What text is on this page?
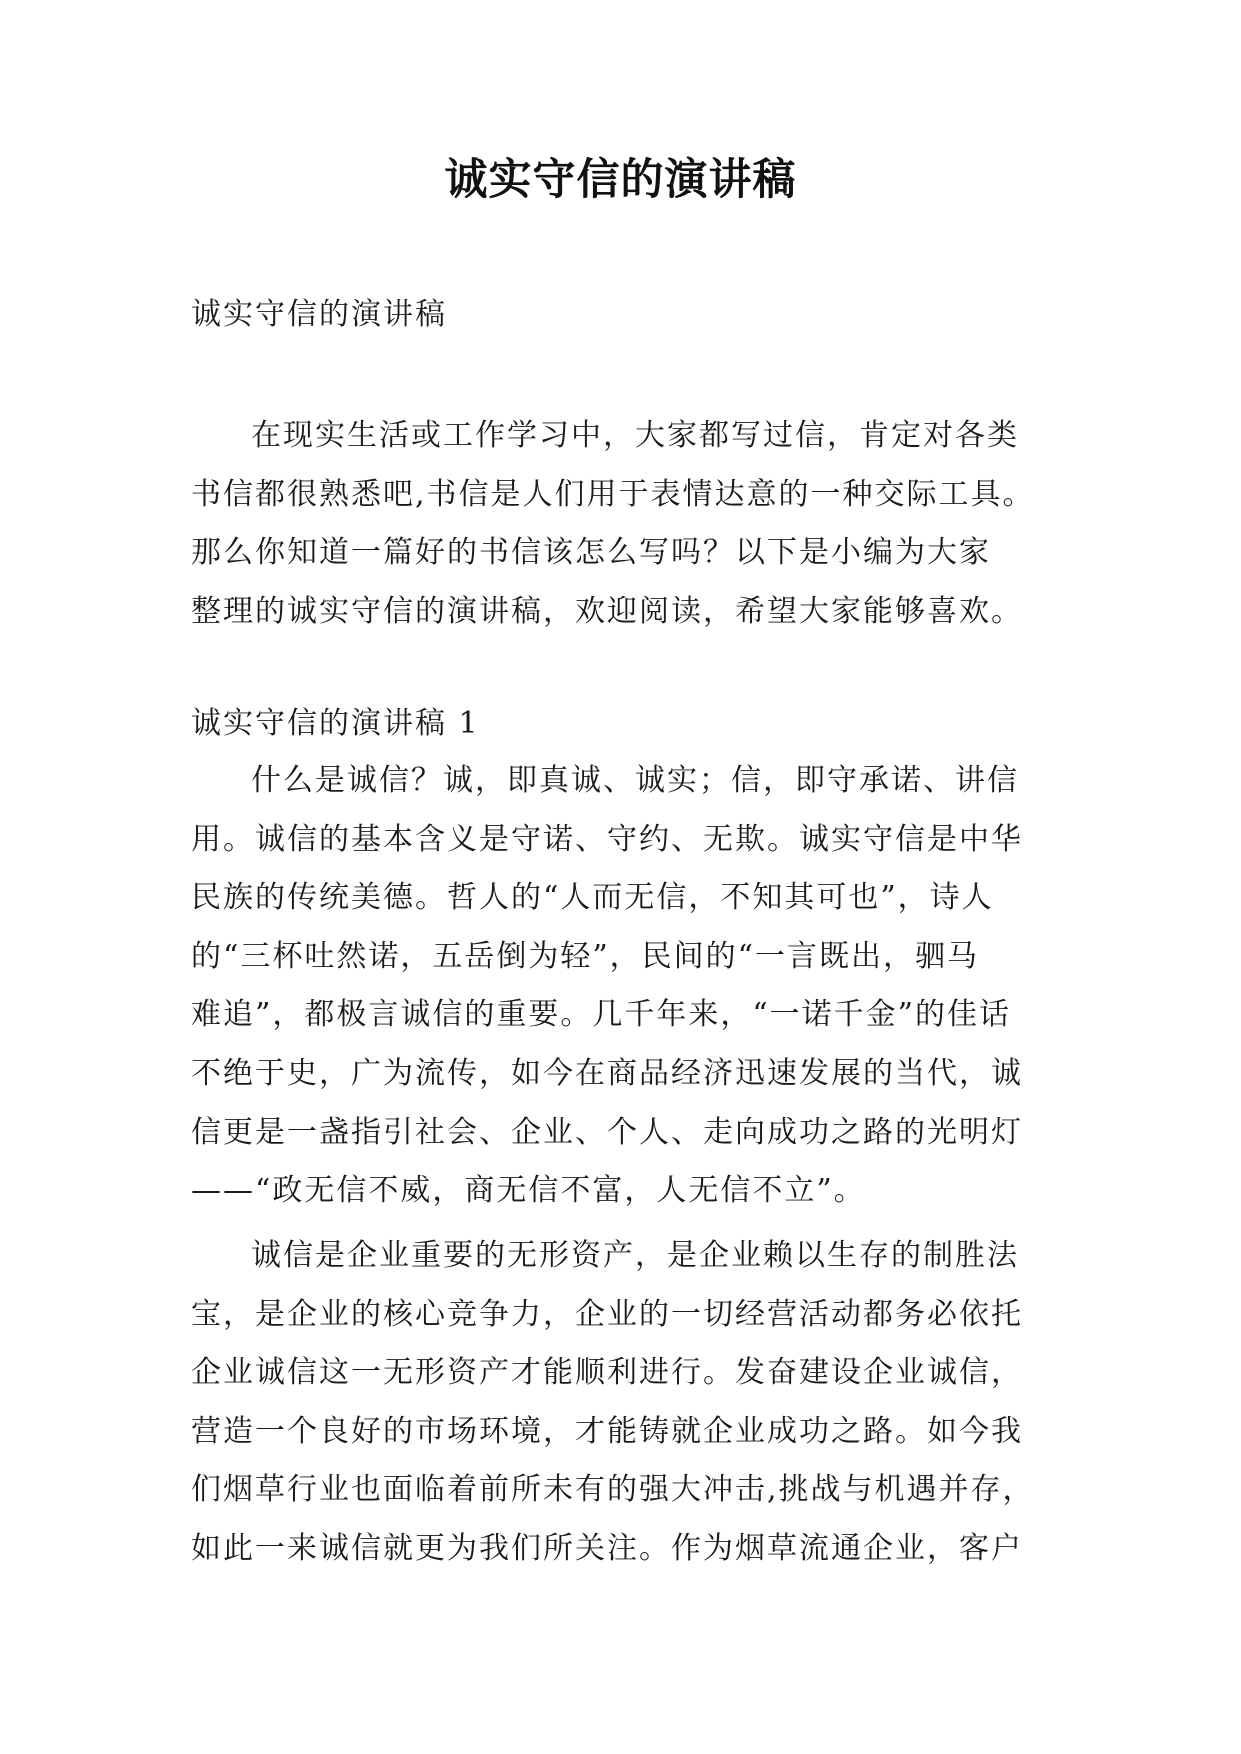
诚实守信的演讲稿
诚实守信的演讲稿

在现实生活或工作学习中，大家都写过信，肯定对各类
书信都很熟悉吧,书信是人们用于表情达意的一种交际工具。
那么你知道一篇好的书信该怎么写吗？以下是小编为大家
整理的诚实守信的演讲稿，欢迎阅读，希望大家能够喜欢。

诚实守信的演讲稿 1

什么是诚信？诚，即真诚、诚实；信，即守承诺、讲信
用。诚信的基本含义是守诺、守约、无欺。诚实守信是中华
民族的传统美德。哲人的“人而无信，不知其可也”，诗人
的“三杯吐然诺，五岳倒为轻”，民间的“一言既出，驷马
难追”，都极言诚信的重要。几千年来，“一诺千金”的佳话
不绝于史，广为流传，如今在商品经济迅速发展的当代，诚
信更是一盏指引社会、企业、个人、走向成功之路的光明灯
——“政无信不威，商无信不富，人无信不立”。

诚信是企业重要的无形资产，是企业赖以生存的制胜法
宝，是企业的核心竞争力，企业的一切经营活动都务必依托
企业诚信这一无形资产才能顺利进行。发奋建设企业诚信，
营造一个良好的市场环境，才能铸就企业成功之路。如今我
们烟草行业也面临着前所未有的强大冲击,挑战与机遇并存，
如此一来诚信就更为我们所关注。作为烟草流通企业，客户
